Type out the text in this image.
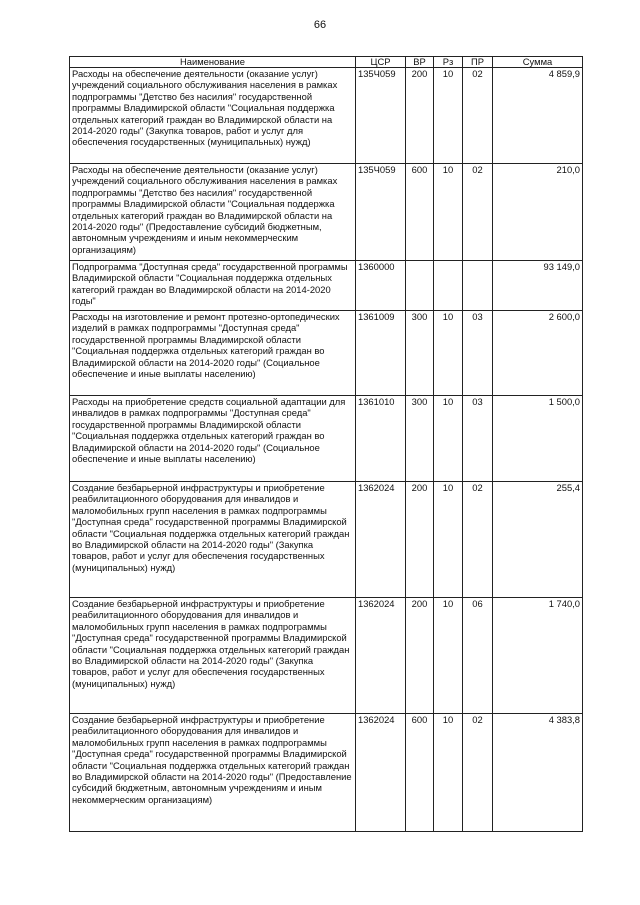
66
Наименование	ЦСР	ВР	Рз	ПР	Сумма
Расходы на обеспечение деятельности (оказание услуг) учреждений социального обслуживания населения в рамках подпрограммы "Детство без насилия" государственной программы Владимирской области "Социальная поддержка отдельных категорий граждан во Владимирской области на 2014-2020 годы" (Закупка товаров, работ и услуг для обеспечения государственных (муниципальных) нужд)	135Ч059	200	10	02	4 859,9
Расходы на обеспечение деятельности (оказание услуг) учреждений социального обслуживания населения в рамках подпрограммы "Детство без насилия" государственной программы Владимирской области "Социальная поддержка отдельных категорий граждан во Владимирской области на 2014-2020 годы" (Предоставление субсидий бюджетным, автономным учреждениям и иным некоммерческим организациям)	135Ч059	600	10	02	210,0
Подпрограмма "Доступная среда" государственной программы Владимирской области "Социальная поддержка отдельных категорий граждан во Владимирской области на 2014-2020 годы"	1360000				93 149,0
Расходы на изготовление и ремонт протезно-ортопедических изделий в рамках подпрограммы "Доступная среда" государственной программы Владимирской области "Социальная поддержка отдельных категорий граждан во Владимирской области на 2014-2020 годы" (Социальное обеспечение и иные выплаты населению)	1361009	300	10	03	2 600,0
Расходы на приобретение средств социальной адаптации для инвалидов в рамках подпрограммы "Доступная среда" государственной программы Владимирской области "Социальная поддержка отдельных категорий граждан во Владимирской области на 2014-2020 годы" (Социальное обеспечение и иные выплаты населению)	1361010	300	10	03	1 500,0
Создание безбарьерной инфраструктуры и приобретение реабилитационного оборудования для инвалидов и маломобильных групп населения в рамках подпрограммы "Доступная среда" государственной программы Владимирской области "Социальная поддержка отдельных категорий граждан во Владимирской области на 2014-2020 годы" (Закупка товаров, работ и услуг для обеспечения государственных (муниципальных) нужд)	1362024	200	10	02	255,4
Создание безбарьерной инфраструктуры и приобретение реабилитационного оборудования для инвалидов и маломобильных групп населения в рамках подпрограммы "Доступная среда" государственной программы Владимирской области "Социальная поддержка отдельных категорий граждан во Владимирской области на 2014-2020 годы" (Закупка товаров, работ и услуг для обеспечения государственных (муниципальных) нужд)	1362024	200	10	06	1 740,0
Создание безбарьерной инфраструктуры и приобретение реабилитационного оборудования для инвалидов и маломобильных групп населения в рамках подпрограммы "Доступная среда" государственной программы Владимирской области "Социальная поддержка отдельных категорий граждан во Владимирской области на 2014-2020 годы" (Предоставление субсидий бюджетным, автономным учреждениям и иным некоммерческим организациям)	1362024	600	10	02	4 383,8
